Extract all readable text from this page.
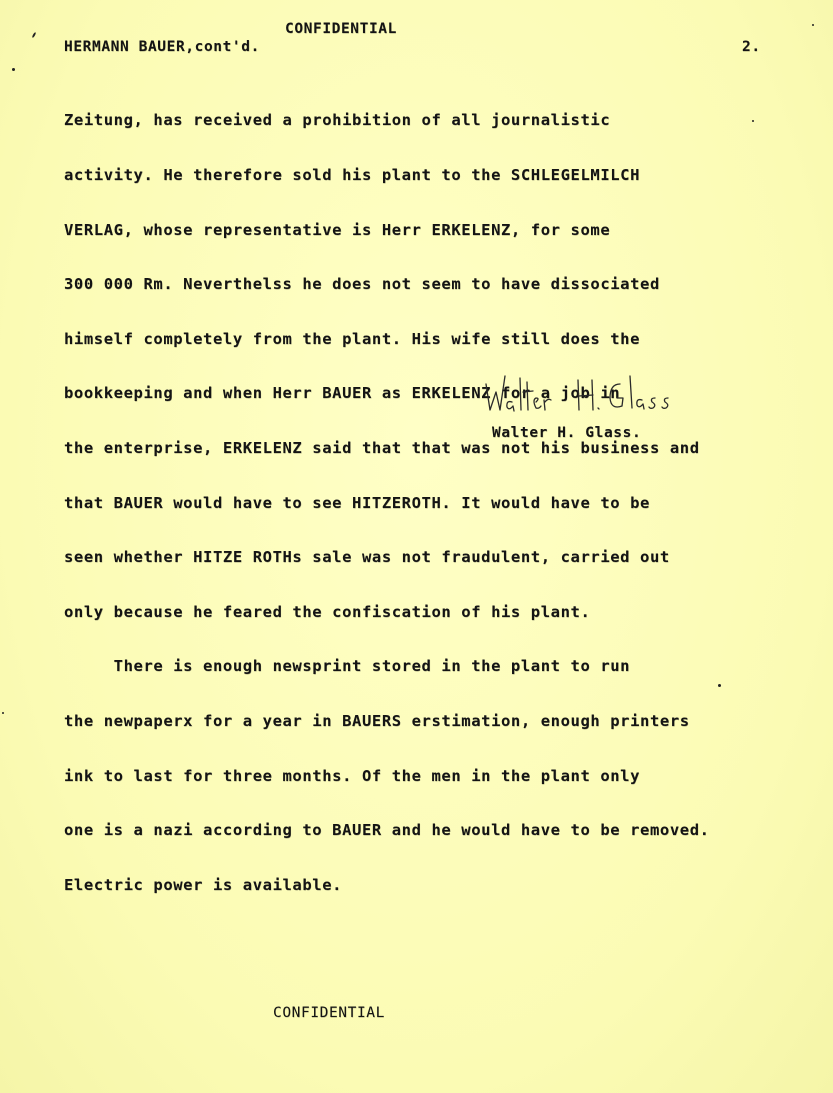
CONFIDENTIAL
HERMANN BAUER,cont'd.	2.

Zeitung, has received a prohibition of all journalistic

activity. He therefore sold his plant to the SCHLEGELMILCH

VERLAG, whose representative is Herr ERKELENZ, for some

300 000 Rm. Neverthelss he does not seem to have dissociated

himself completely from the plant. His wife still does the

bookkeeping and when Herr BAUER as ERKELENZ for a job in

the enterprise, ERKELENZ said that that was not his business and

that BAUER would have to see HITZEROTH. It would have to be

seen whether HITZE ROTHs sale was not fraudulent, carried out

only because he feared the confiscation of his plant.

There is enough newsprint stored in the plant to run

the newpaperx for a year in BAUERS erstimation, enough printers

ink to last for three months. Of the men in the plant only

one is a nazi according to BAUER and he would have to be removed.

Electric power is available.

Walter H. Glass.
CONFIDENTIAL
